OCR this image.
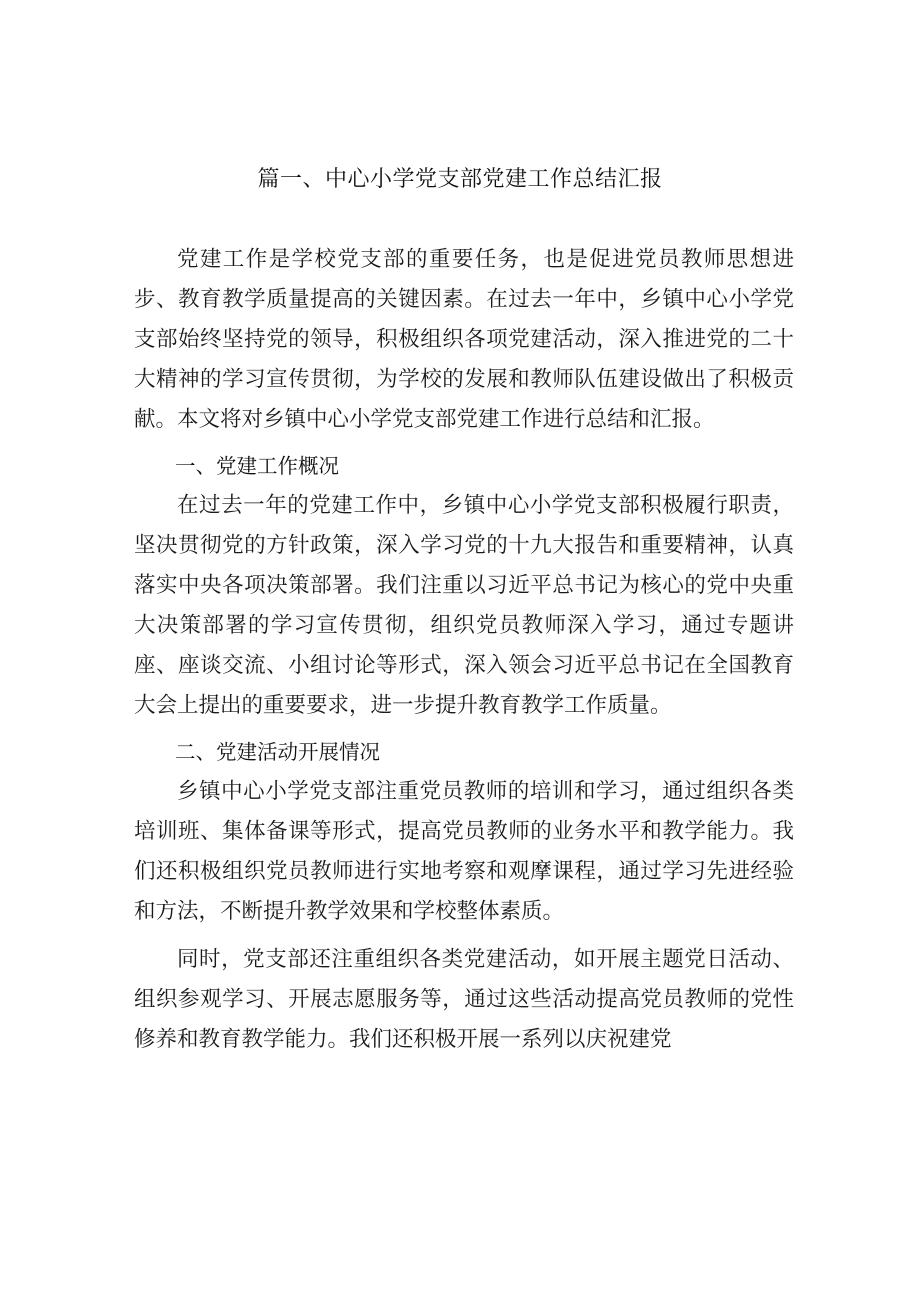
篇一、中心小学党支部党建工作总结汇报

党建工作是学校党支部的重要任务，也是促进党员教师思想进步、教育教学质量提高的关键因素。在过去一年中，乡镇中心小学党支部始终坚持党的领导，积极组织各项党建活动，深入推进党的二十大精神的学习宣传贯彻，为学校的发展和教师队伍建设做出了积极贡献。本文将对乡镇中心小学党支部党建工作进行总结和汇报。

一、党建工作概况

在过去一年的党建工作中，乡镇中心小学党支部积极履行职责，坚决贯彻党的方针政策，深入学习党的十九大报告和重要精神，认真落实中央各项决策部署。我们注重以习近平总书记为核心的党中央重大决策部署的学习宣传贯彻，组织党员教师深入学习，通过专题讲座、座谈交流、小组讨论等形式，深入领会习近平总书记在全国教育大会上提出的重要要求，进一步提升教育教学工作质量。

二、党建活动开展情况

乡镇中心小学党支部注重党员教师的培训和学习，通过组织各类培训班、集体备课等形式，提高党员教师的业务水平和教学能力。我们还积极组织党员教师进行实地考察和观摩课程，通过学习先进经验和方法，不断提升教学效果和学校整体素质。

同时，党支部还注重组织各类党建活动，如开展主题党日活动、组织参观学习、开展志愿服务等，通过这些活动提高党员教师的党性修养和教育教学能力。我们还积极开展一系列以庆祝建党
